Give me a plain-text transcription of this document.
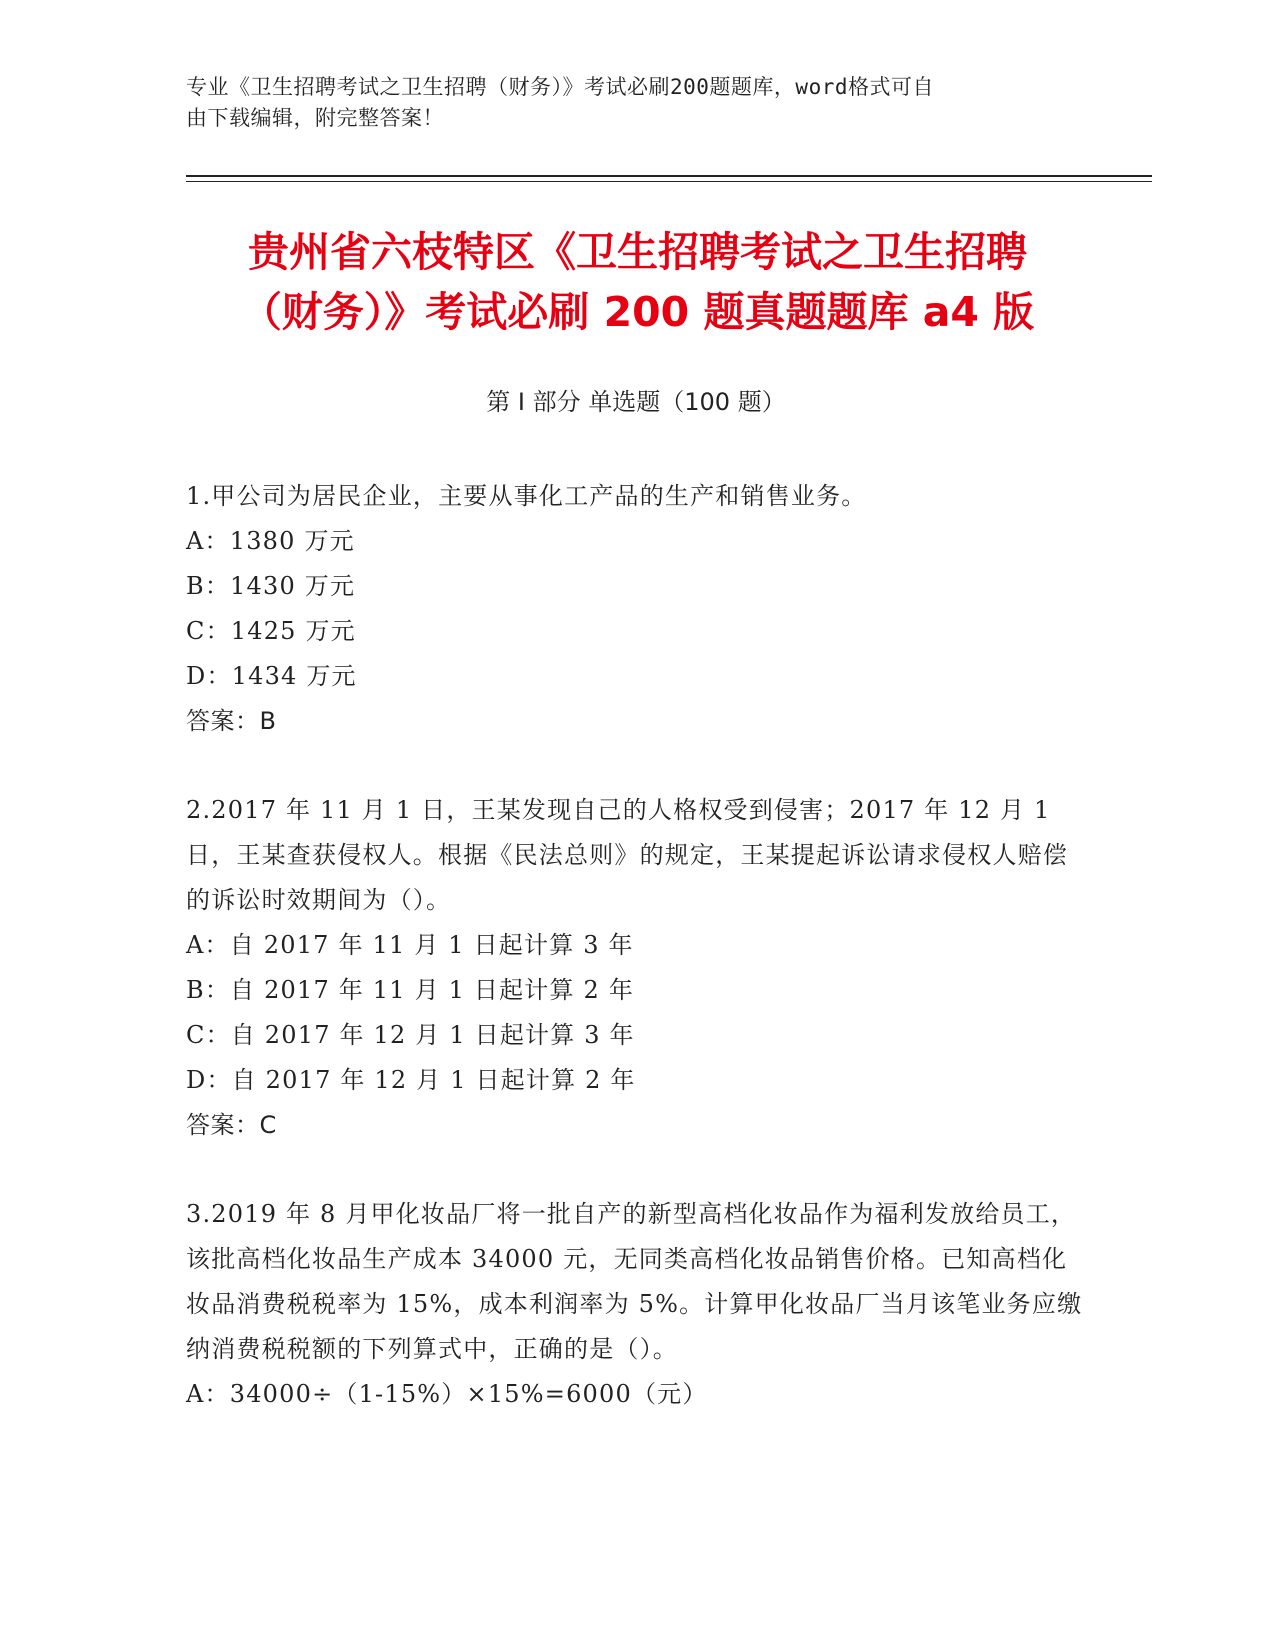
专业《卫生招聘考试之卫生招聘（财务）》考试必刷200题题库，word格式可自
由下载编辑，附完整答案！
贵州省六枝特区《卫生招聘考试之卫生招聘
（财务）》考试必刷 200 题真题题库 a4 版
第 I 部分 单选题（100 题）

1.甲公司为居民企业，主要从事化工产品的生产和销售业务。

A：1380 万元

B：1430 万元

C：1425 万元

D：1434 万元

答案：B

2.2017 年 11 月 1 日，王某发现自己的人格权受到侵害；2017 年 12 月 1 日，王某查获侵权人。根据《民法总则》的规定，王某提起诉讼请求侵权人赔偿的诉讼时效期间为（）。

A：自 2017 年 11 月 1 日起计算 3 年

B：自 2017 年 11 月 1 日起计算 2 年

C：自 2017 年 12 月 1 日起计算 3 年

D：自 2017 年 12 月 1 日起计算 2 年

答案：C

3.2019 年 8 月甲化妆品厂将一批自产的新型高档化妆品作为福利发放给员工，该批高档化妆品生产成本 34000 元，无同类高档化妆品销售价格。已知高档化妆品消费税税率为 15%，成本利润率为 5%。计算甲化妆品厂当月该笔业务应缴纳消费税税额的下列算式中，正确的是（）。

A：34000÷（1-15%）×15%=6000（元）
